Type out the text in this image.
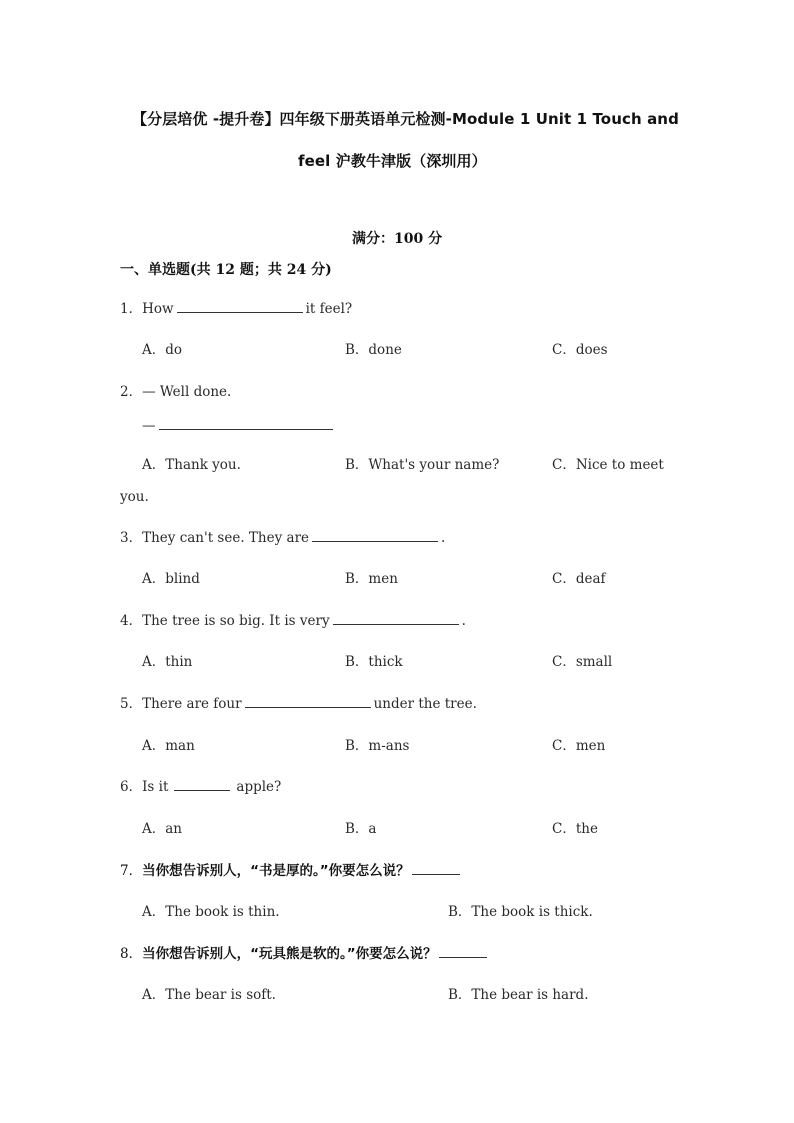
【分层培优 -提升卷】四年级下册英语单元检测-Module 1 Unit 1 Touch and
feel 沪教牛津版（深圳用）
满分：100 分
一、单选题(共 12 题；共 24 分)
1．How	it feel?
A．do	B．done	C．does
2．— Well done.
—
A．Thank you.	B．What's your name?	C．Nice to meet
you.
3．They can't see. They are	.
A．blind	B．men	C．deaf
4．The tree is so big. It is very	.
A．thin	B．thick	C．small
5．There are four	under the tree.
A．man	B．m-ans	C．men
6．Is it	apple?
A．an	B．a	C．the
7．当你想告诉别人，“书是厚的。”你要怎么说？
A．The book is thin.	B．The book is thick.
8．当你想告诉别人，“玩具熊是软的。”你要怎么说？
A．The bear is soft.	B．The bear is hard.
